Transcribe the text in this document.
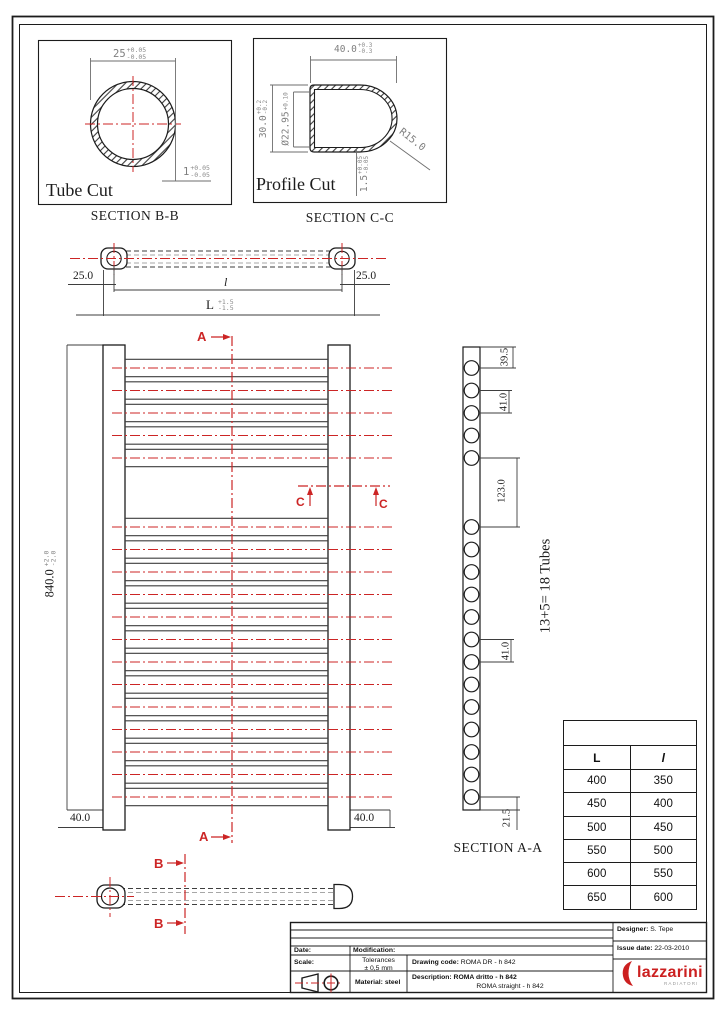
25 +0.05
-0.05
1 +0.05
-0.05
Tube Cut
SECTION B-B
40.0 +0.3
-0.3
30.0
+0.2 -0.2
Ø22.95
+0.10
R15.0
1.5
+0.05 -0.05
Profile Cut
SECTION C-C
25.0	25.0
l
L +1.5
-1.5
840.0
+2.0
-2.0
40.0	40.0
A
A
C	C
B
B
39.5
41.0
123.0
41.0
21.5
13+5= 18 Tubes
SECTION A-A

L	l
400	350
450	400
500	450
550	500
600	550
650	600
Date:	Modification:
Scale:	Tolerances
± 0,5 mm
Material: steel
Drawing code: ROMA DR - h 842
Description: ROMA dritto - h 842
ROMA straight - h 842
Designer: S. Tepe
Issue date: 22-03-2010
lazzarini
RADIATORI
